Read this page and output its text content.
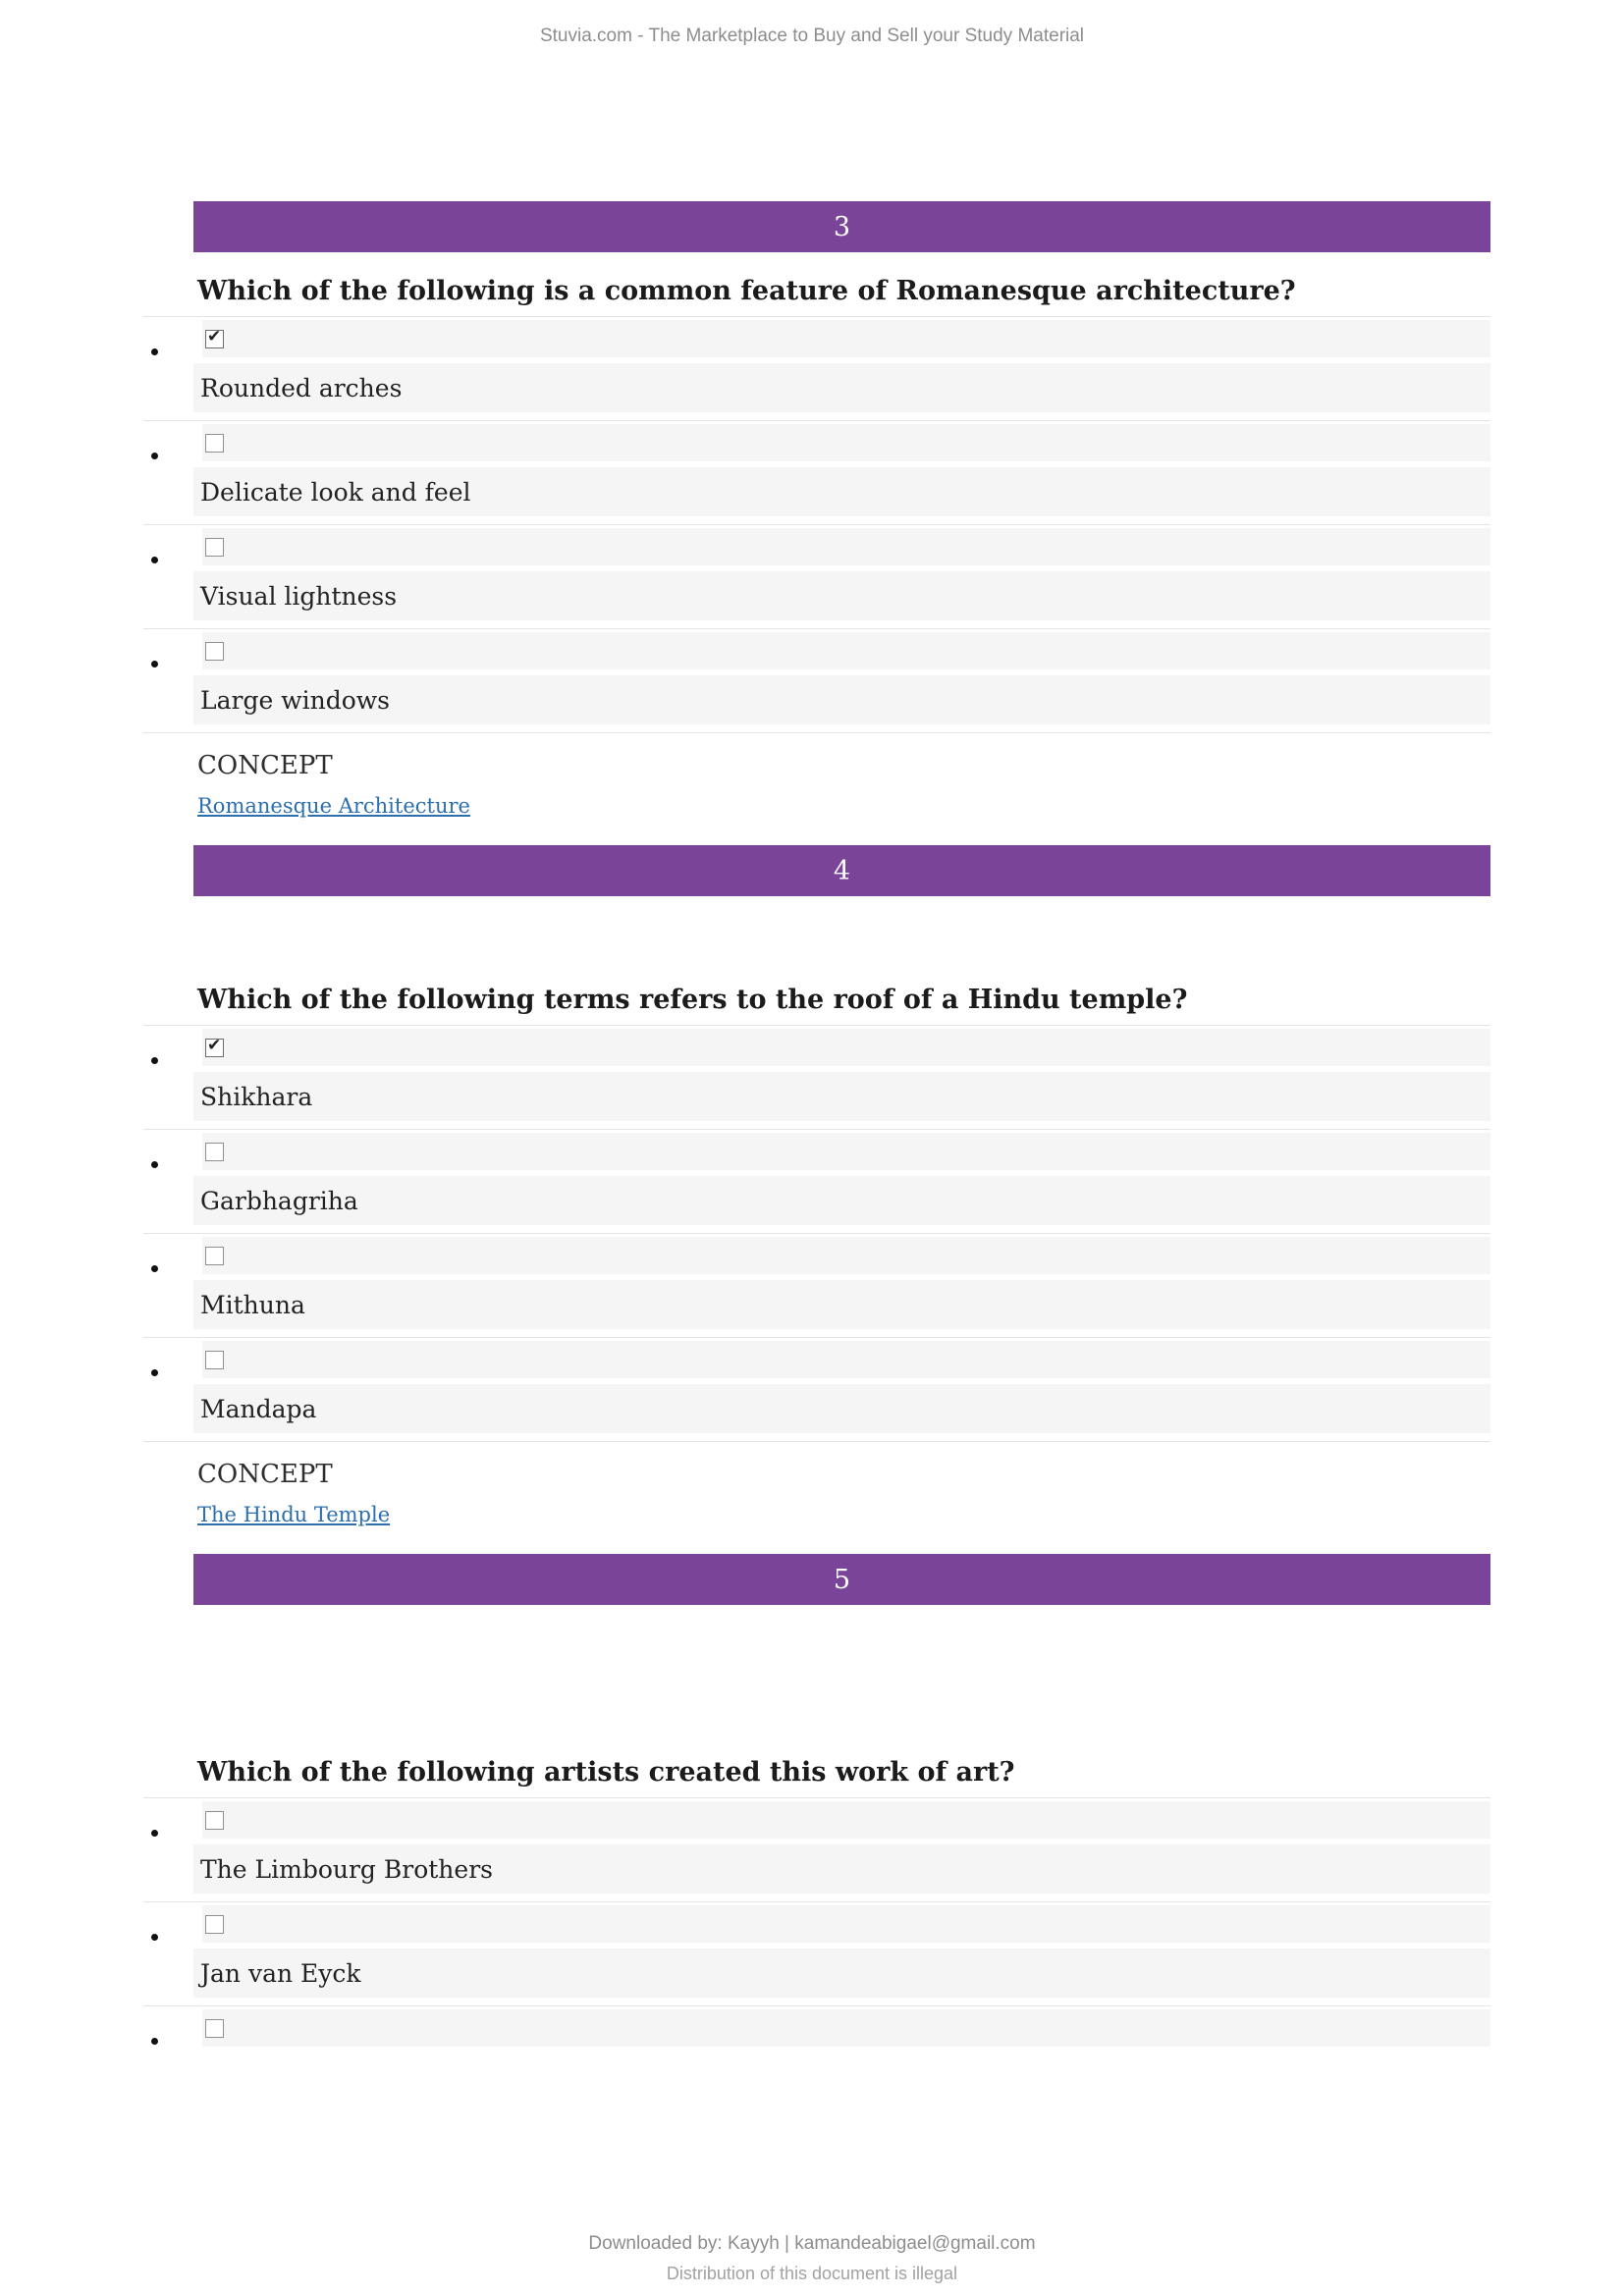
Stuvia.com - The Marketplace to Buy and Sell your Study Material
3
Which of the following is a common feature of Romanesque architecture?
✔
Rounded arches
Delicate look and feel
Visual lightness
Large windows
CONCEPT
Romanesque Architecture
4
Which of the following terms refers to the roof of a Hindu temple?
✔
Shikhara
Garbhagriha
Mithuna
Mandapa
CONCEPT
The Hindu Temple
5
Which of the following artists created this work of art?
The Limbourg Brothers
Jan van Eyck
Downloaded by: Kayyh | kamandeabigael@gmail.com
Distribution of this document is illegal
